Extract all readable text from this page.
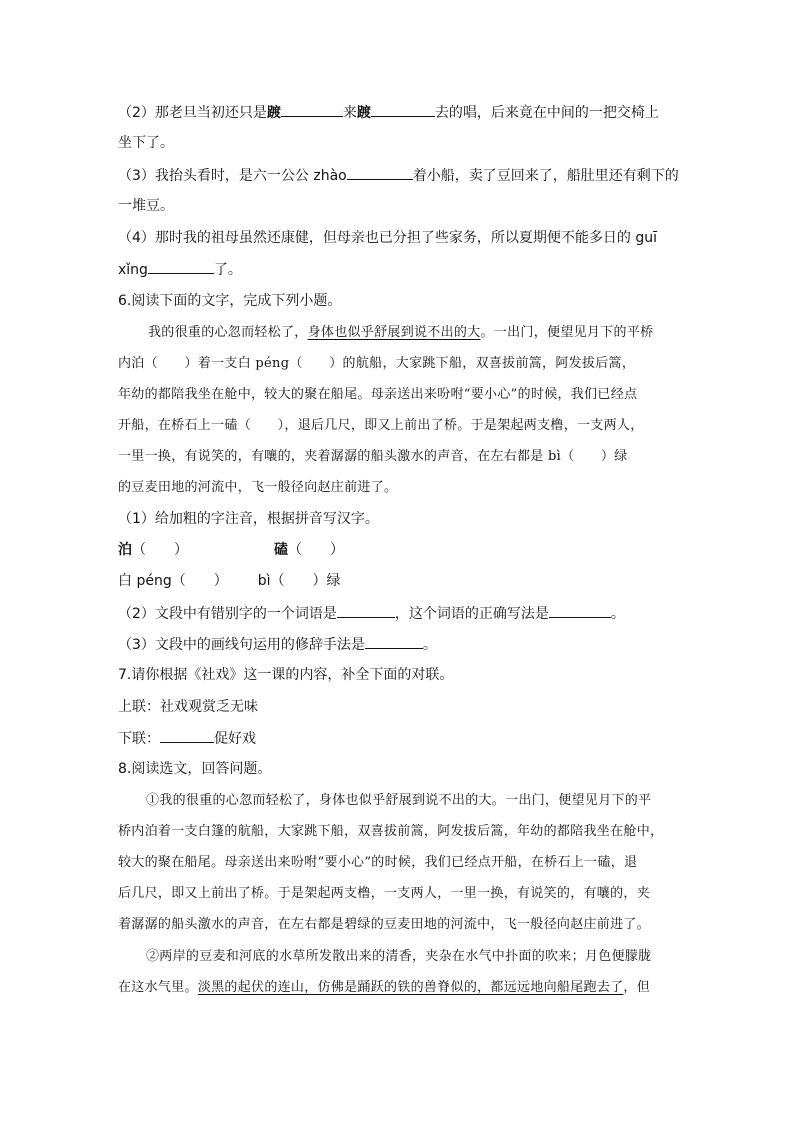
（2）那老旦当初还只是踱	来踱	去的唱，后来竟在中间的一把交椅上
坐下了。
（3）我抬头看时，是六一公公 zhào	着小船，卖了豆回来了，船肚里还有剩下的
一堆豆。
（4）那时我的祖母虽然还康健，但母亲也已分担了些家务，所以夏期便不能多日的 guī
xǐng	了。
6.阅读下面的文字，完成下列小题。
我的很重的心忽而轻松了，身体也似乎舒展到说不出的大。一出门，便望见月下的平桥
内泊（　　）着一支白 péng（　　）的航船，大家跳下船，双喜拔前篙，阿发拔后篙，
年幼的都陪我坐在舱中，较大的聚在船尾。母亲送出来吩咐“要小心”的时候，我们已经点
开船，在桥石上一磕（　　），退后几尺，即又上前出了桥。于是架起两支橹，一支两人，
一里一换，有说笑的，有嚷的，夹着潺潺的船头激水的声音，在左右都是 bì（　　）绿
的豆麦田地的河流中，飞一般径向赵庄前进了。
（1）给加粗的字注音，根据拼音写汉字。
泊（　　）	磕（　　）
白 péng（　　） bì（　　）绿
（2）文段中有错别字的一个词语是	，这个词语的正确写法是	。
（3）文段中的画线句运用的修辞手法是	。
7.请你根据《社戏》这一课的内容，补全下面的对联。
上联：社戏观赏乏无味
下联：	促好戏
8.阅读选文，回答问题。
①我的很重的心忽而轻松了，身体也似乎舒展到说不出的大。一出门，便望见月下的平
桥内泊着一支白篷的航船，大家跳下船，双喜拔前篙，阿发拔后篙，年幼的都陪我坐在舱中，
较大的聚在船尾。母亲送出来吩咐“要小心”的时候，我们已经点开船，在桥石上一磕，退
后几尺，即又上前出了桥。于是架起两支橹，一支两人，一里一换，有说笑的，有嚷的，夹
着潺潺的船头激水的声音，在左右都是碧绿的豆麦田地的河流中，飞一般径向赵庄前进了。
②两岸的豆麦和河底的水草所发散出来的清香，夹杂在水气中扑面的吹来；月色便朦胧
在这水气里。淡黑的起伏的连山，仿佛是踊跃的铁的兽脊似的，都远远地向船尾跑去了，但
